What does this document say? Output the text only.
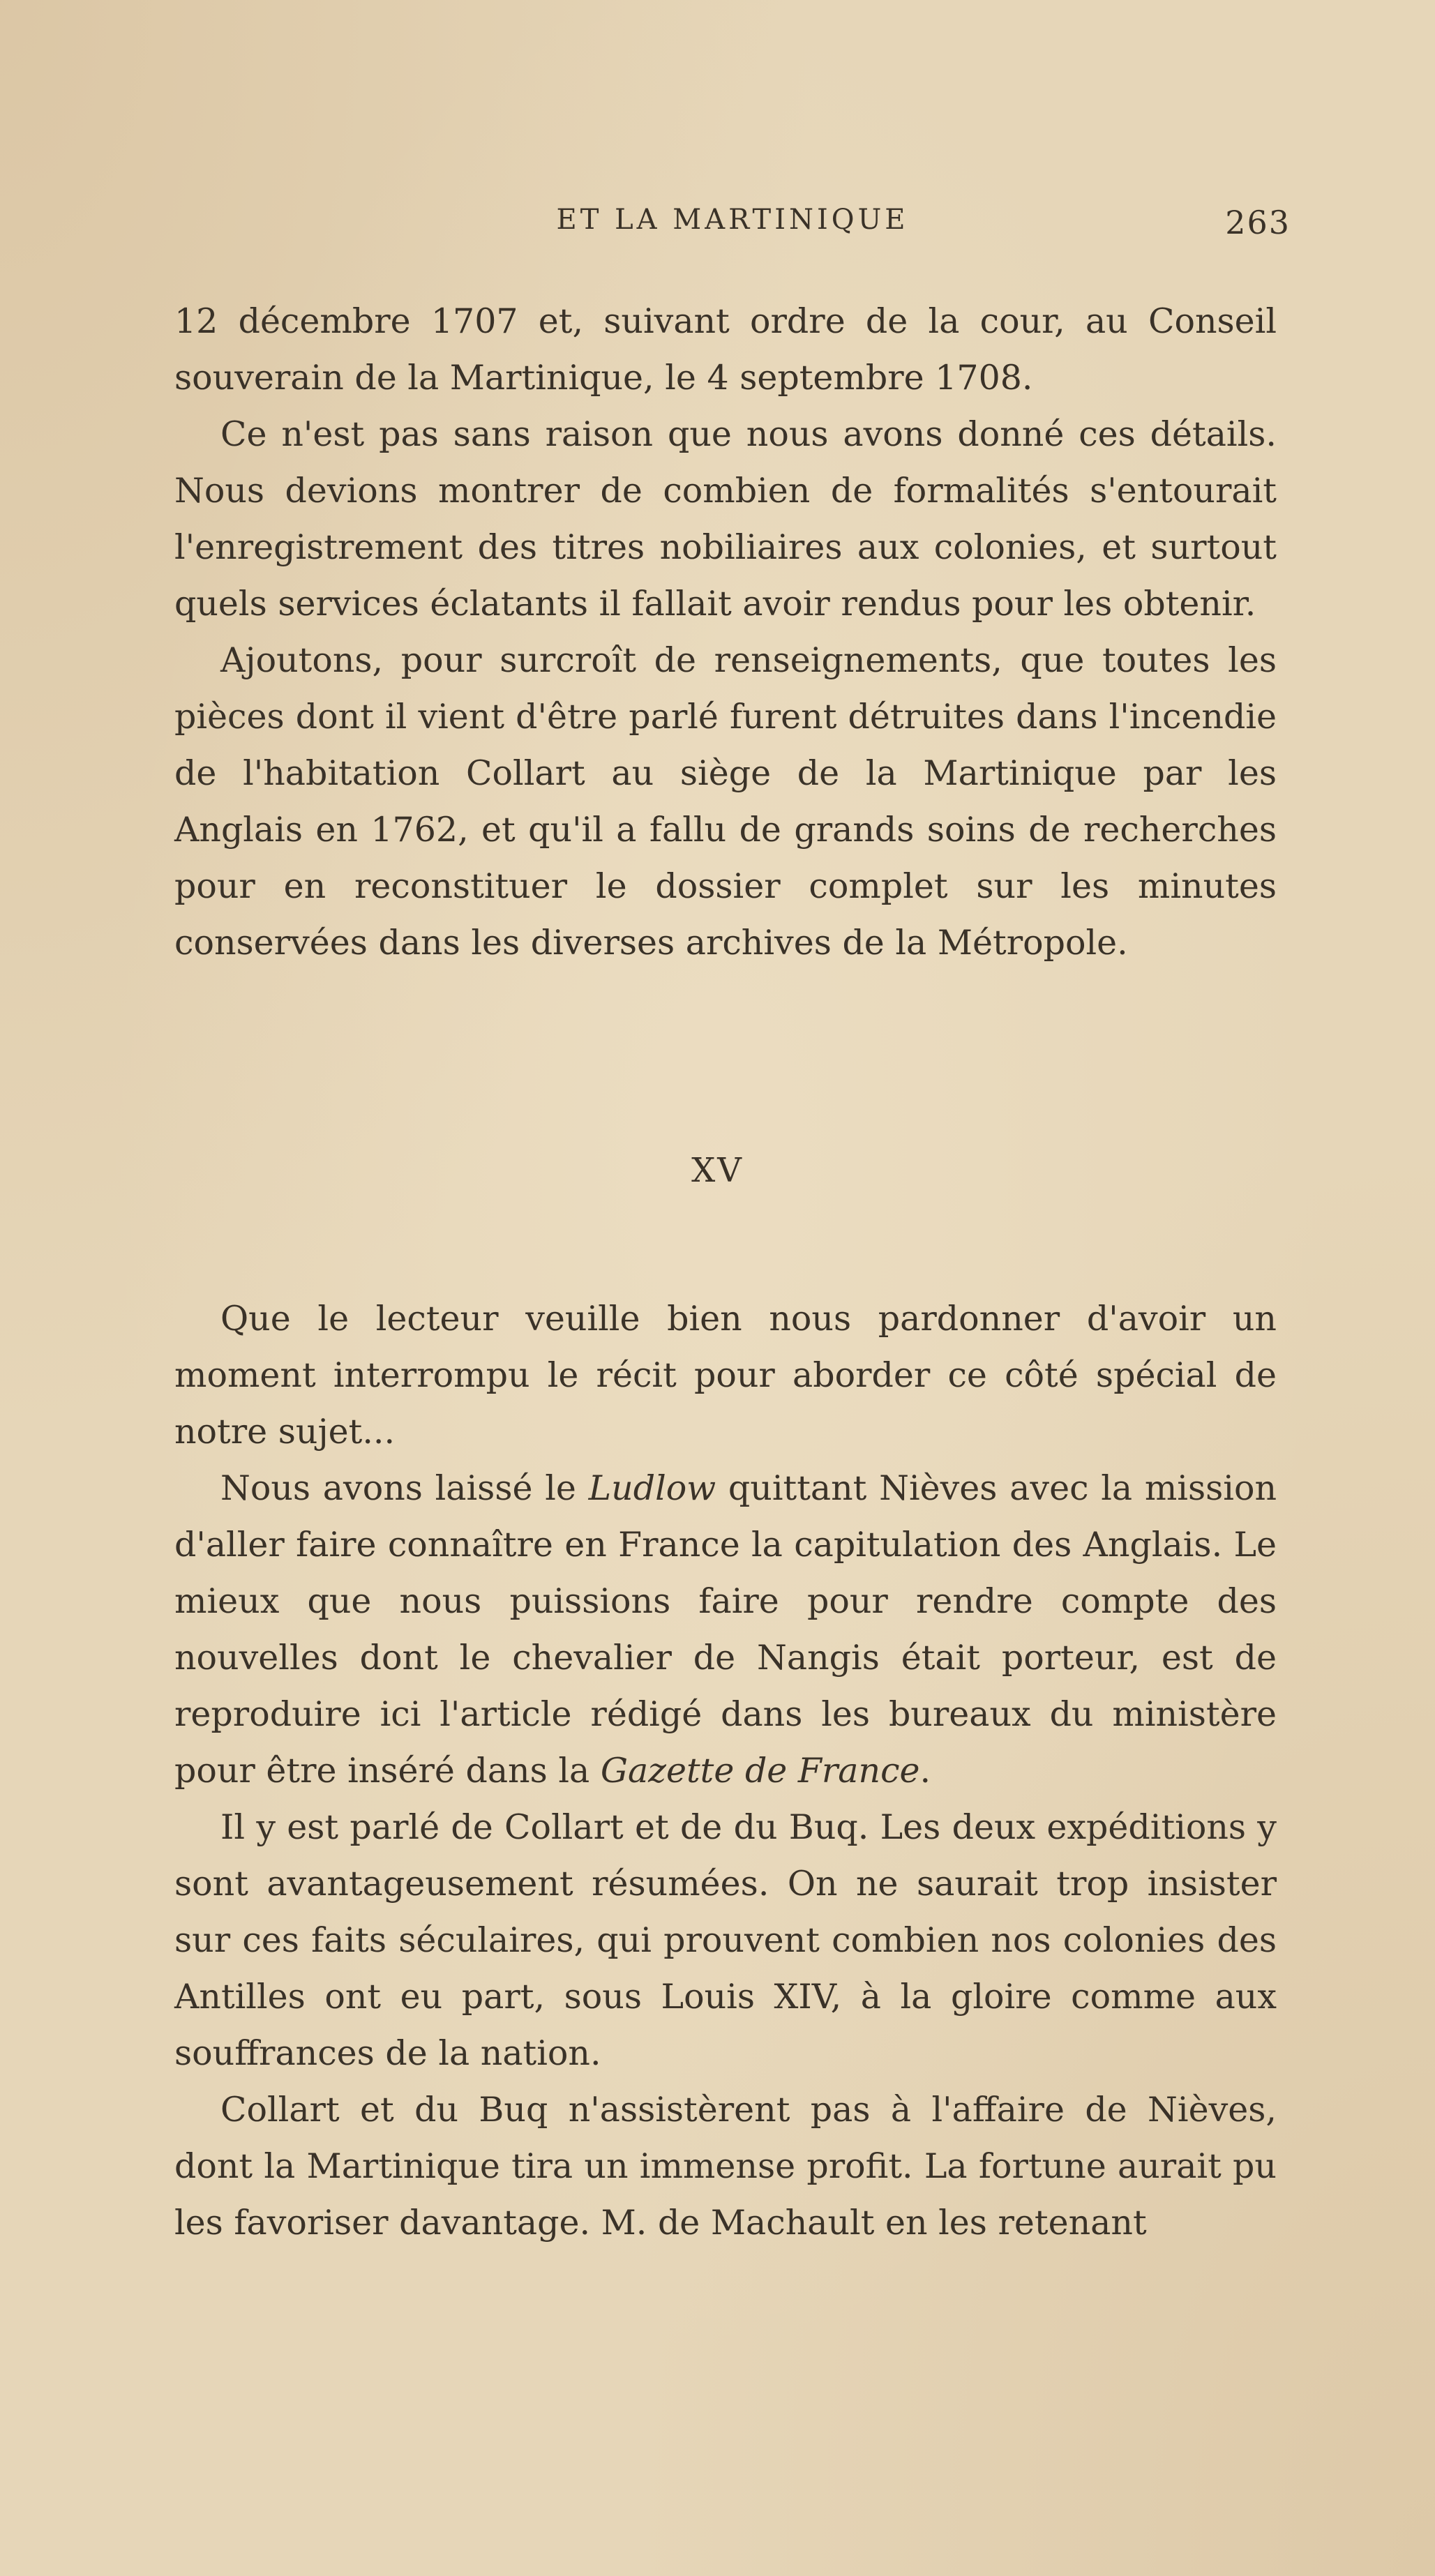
ET LA MARTINIQUE	263

12 décembre 1707 et, suivant ordre de la cour, au Conseil souverain de la Martinique, le 4 septembre 1708.

Ce n'est pas sans raison que nous avons donné ces détails. Nous devions montrer de combien de formalités s'entourait l'enregistrement des titres nobiliaires aux colonies, et surtout quels services éclatants il fallait avoir rendus pour les obtenir.

Ajoutons, pour surcroît de renseignements, que toutes les pièces dont il vient d'être parlé furent détruites dans l'incendie de l'habitation Collart au siège de la Martinique par les Anglais en 1762, et qu'il a fallu de grands soins de recherches pour en reconstituer le dossier complet sur les minutes conservées dans les diverses archives de la Métropole.

XV

Que le lecteur veuille bien nous pardonner d'avoir un moment interrompu le récit pour aborder ce côté spécial de notre sujet...

Nous avons laissé le Ludlow quittant Nièves avec la mission d'aller faire connaître en France la capitulation des Anglais. Le mieux que nous puissions faire pour rendre compte des nouvelles dont le chevalier de Nangis était porteur, est de reproduire ici l'article rédigé dans les bureaux du ministère pour être inséré dans la Gazette de France.

Il y est parlé de Collart et de du Buq. Les deux expéditions y sont avantageusement résumées. On ne saurait trop insister sur ces faits séculaires, qui prouvent combien nos colonies des Antilles ont eu part, sous Louis XIV, à la gloire comme aux souffrances de la nation.

Collart et du Buq n'assistèrent pas à l'affaire de Nièves, dont la Martinique tira un immense profit. La fortune aurait pu les favoriser davantage. M. de Machault en les retenant
